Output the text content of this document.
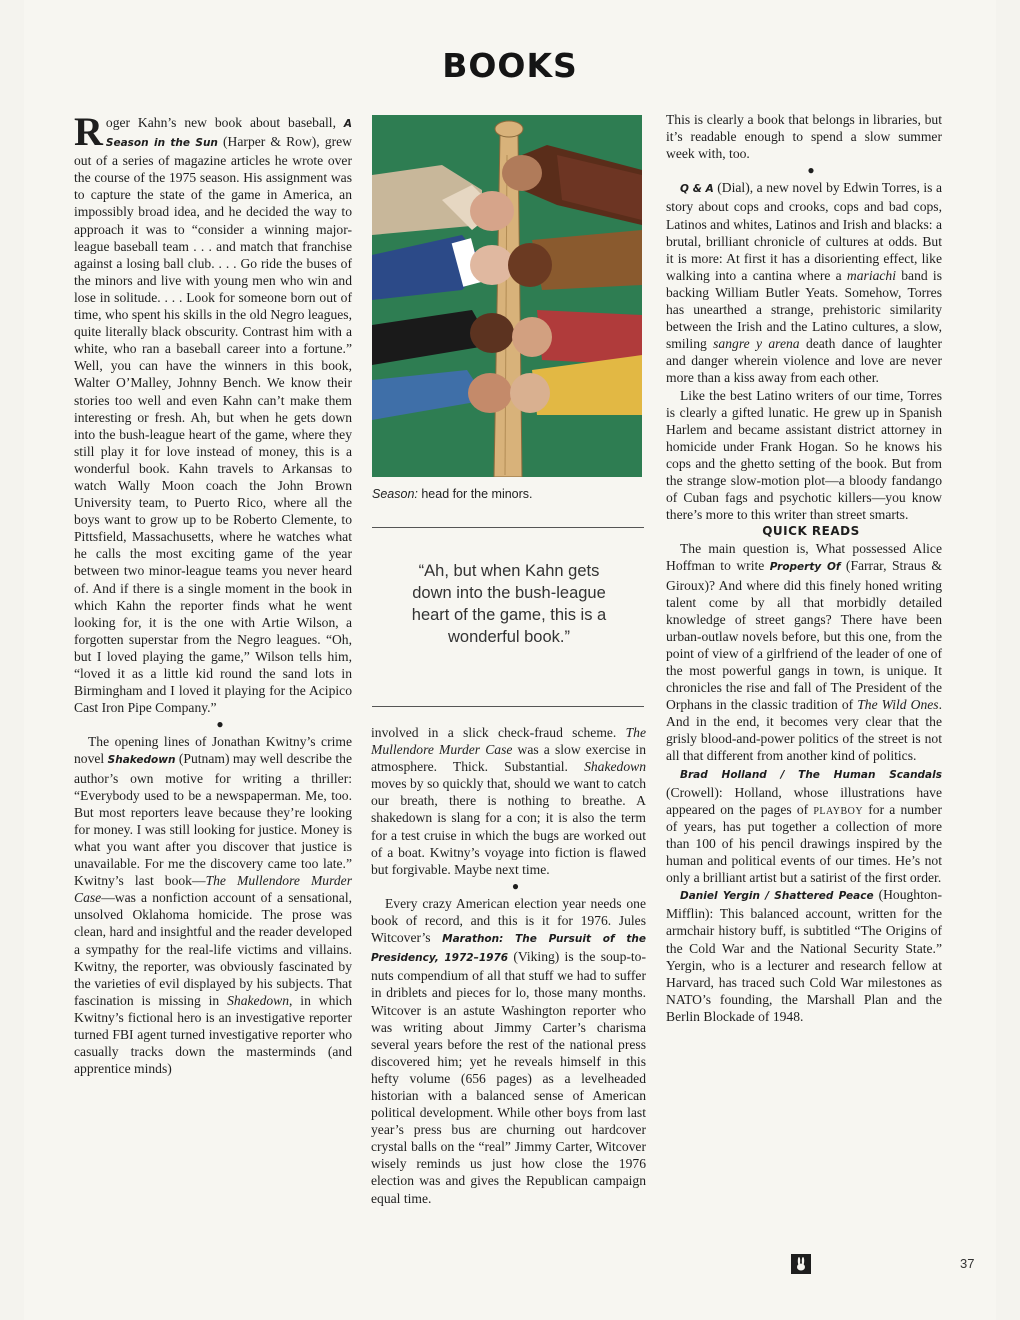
BOOKS

Roger Kahn’s new book about baseball, A Season in the Sun (Harper & Row), grew out of a series of magazine articles he wrote over the course of the 1975 season. His assignment was to capture the state of the game in America, an impossibly broad idea, and he decided the way to approach it was to “consider a winning major-league baseball team . . . and match that franchise against a losing ball club. . . . Go ride the buses of the minors and live with young men who win and lose in solitude. . . . Look for someone born out of time, who spent his skills in the old Negro leagues, quite literally black obscurity. Contrast him with a white, who ran a baseball career into a fortune.” Well, you can have the winners in this book, Walter O’Malley, Johnny Bench. We know their stories too well and even Kahn can’t make them interesting or fresh. Ah, but when he gets down into the bush-league heart of the game, where they still play it for love instead of money, this is a wonderful book. Kahn travels to Arkansas to watch Wally Moon coach the John Brown University team, to Puerto Rico, where all the boys want to grow up to be Roberto Clemente, to Pittsfield, Massachusetts, where he watches what he calls the most exciting game of the year between two minor-league teams you never heard of. And if there is a single moment in the book in which Kahn the reporter finds what he went looking for, it is the one with Artie Wilson, a forgotten superstar from the Negro leagues. “Oh, but I loved playing the game,” Wilson tells him, “loved it as a little kid round the sand lots in Birmingham and I loved it playing for the Acipico Cast Iron Pipe Company.”

●

The opening lines of Jonathan Kwitny’s crime novel Shakedown (Putnam) may well describe the author’s own motive for writing a thriller: “Everybody used to be a newspaperman. Me, too. But most reporters leave because they’re looking for money. I was still looking for justice. Money is what you want after you discover that justice is unavailable. For me the discovery came too late.” Kwitny’s last book—The Mullendore Murder Case—was a nonfiction account of a sensational, unsolved Oklahoma homicide. The prose was clean, hard and insightful and the reader developed a sympathy for the real-life victims and villains. Kwitny, the reporter, was obviously fascinated by the varieties of evil displayed by his subjects. That fascination is missing in Shakedown, in which Kwitny’s fictional hero is an investigative reporter turned FBI agent turned investigative reporter who casually tracks down the masterminds (and apprentice minds)

Season: head for the minors.
“Ah, but when Kahn gets down into the bush-league heart of the game, this is a wonderful book.”

involved in a slick check-fraud scheme. The Mullendore Murder Case was a slow exercise in atmosphere. Thick. Substantial. Shakedown moves by so quickly that, should we want to catch our breath, there is nothing to breathe. A shakedown is slang for a con; it is also the term for a test cruise in which the bugs are worked out of a boat. Kwitny’s voyage into fiction is flawed but forgivable. Maybe next time.

●

Every crazy American election year needs one book of record, and this is it for 1976. Jules Witcover’s Marathon: The Pursuit of the Presidency, 1972–1976 (Viking) is the soup-to-nuts compendium of all that stuff we had to suffer in driblets and pieces for lo, those many months. Witcover is an astute Washington reporter who was writing about Jimmy Carter’s charisma several years before the rest of the national press discovered him; yet he reveals himself in this hefty volume (656 pages) as a levelheaded historian with a balanced sense of American political development. While other boys from last year’s press bus are churning out hardcover crystal balls on the “real” Jimmy Carter, Witcover wisely reminds us just how close the 1976 election was and gives the Republican campaign equal time.

This is clearly a book that belongs in libraries, but it’s readable enough to spend a slow summer week with, too.

●

Q & A (Dial), a new novel by Edwin Torres, is a story about cops and crooks, cops and bad cops, Latinos and whites, Latinos and Irish and blacks: a brutal, brilliant chronicle of cultures at odds. But it is more: At first it has a disorienting effect, like walking into a cantina where a mariachi band is backing William Butler Yeats. Somehow, Torres has unearthed a strange, prehistoric similarity between the Irish and the Latino cultures, a slow, smiling sangre y arena death dance of laughter and danger wherein violence and love are never more than a kiss away from each other.

Like the best Latino writers of our time, Torres is clearly a gifted lunatic. He grew up in Spanish Harlem and became assistant district attorney in homicide under Frank Hogan. So he knows his cops and the ghetto setting of the book. But from the strange slow-motion plot—a bloody fandango of Cuban fags and psychotic killers—you know there’s more to this writer than street smarts.

QUICK READS

The main question is, What possessed Alice Hoffman to write Property Of (Farrar, Straus & Giroux)? And where did this finely honed writing talent come by all that morbidly detailed knowledge of street gangs? There have been urban-outlaw novels before, but this one, from the point of view of a girlfriend of the leader of one of the most powerful gangs in town, is unique. It chronicles the rise and fall of The President of the Orphans in the classic tradition of The Wild Ones. And in the end, it becomes very clear that the grisly blood-and-power politics of the street is not all that different from another kind of politics.

Brad Holland / The Human Scandals (Crowell): Holland, whose illustrations have appeared on the pages of playboy for a number of years, has put together a collection of more than 100 of his pencil drawings inspired by the human and political events of our times. He’s not only a brilliant artist but a satirist of the first order.

Daniel Yergin / Shattered Peace (Houghton-Mifflin): This balanced account, written for the armchair history buff, is subtitled “The Origins of the Cold War and the National Security State.” Yergin, who is a lecturer and research fellow at Harvard, has traced such Cold War milestones as NATO’s founding, the Marshall Plan and the Berlin Blockade of 1948.

37
